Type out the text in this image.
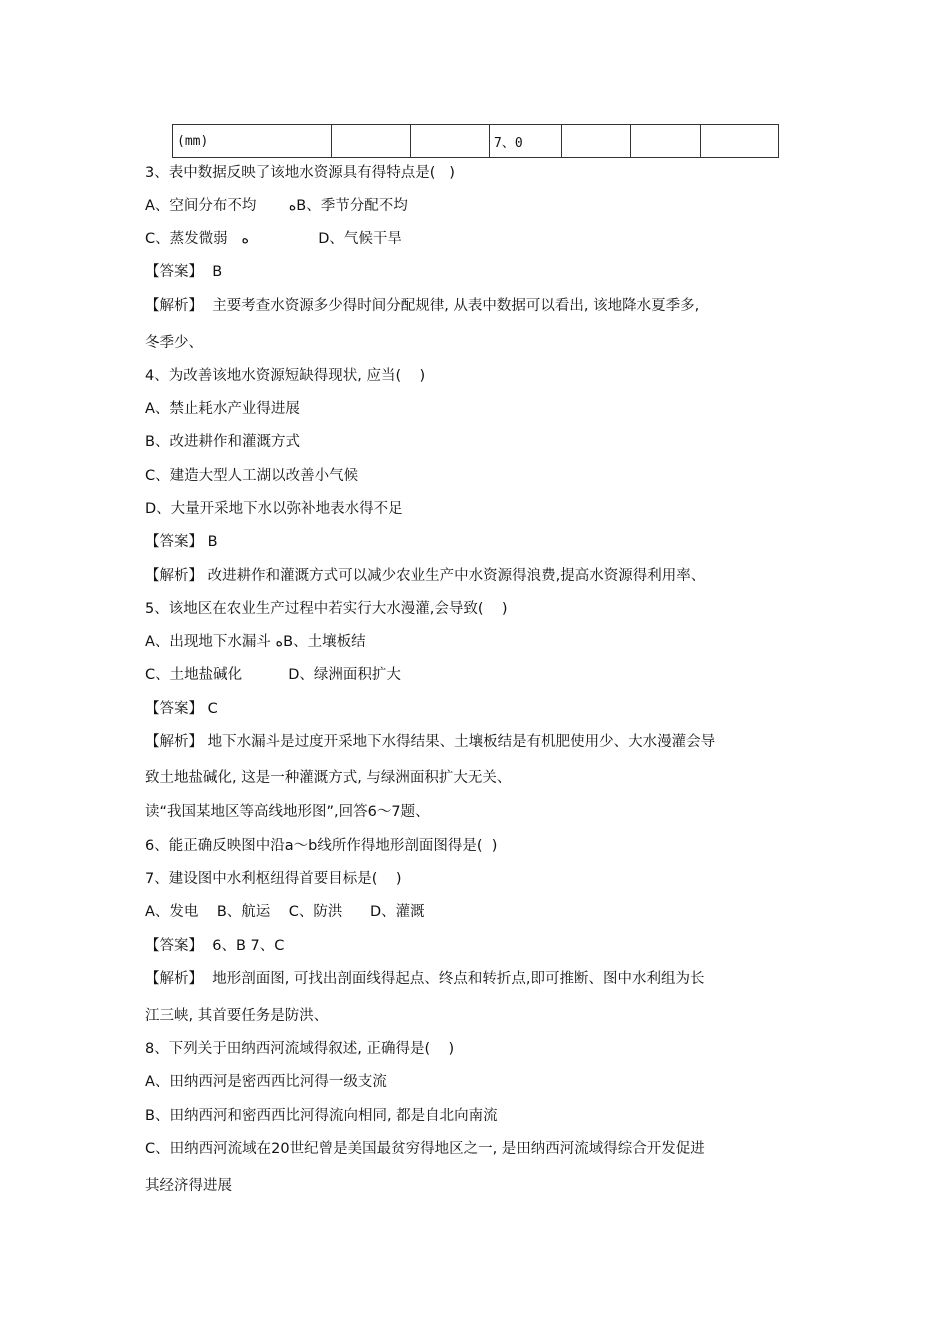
(mm)			7、0			
3、表中数据反映了该地水资源具有得特点是(   )
A、空间分布不均       ﻩB、季节分配不均
C、蒸发微弱   ﻩ               D、气候干旱
【答案】  B
【解析】  主要考查水资源多少得时间分配规律, 从表中数据可以看出, 该地降水夏季多,
冬季少、
4、为改善该地水资源短缺得现状, 应当(    )
A、禁止耗水产业得进展
B、改进耕作和灌溉方式
C、建造大型人工湖以改善小气候
D、大量开采地下水以弥补地表水得不足
【答案】 B
【解析】 改进耕作和灌溉方式可以减少农业生产中水资源得浪费,提高水资源得利用率、
5、该地区在农业生产过程中若实行大水漫灌,会导致(    )
A、出现地下水漏斗 ﻩB、土壤板结
C、土地盐碱化          D、绿洲面积扩大
【答案】 C
【解析】 地下水漏斗是过度开采地下水得结果、土壤板结是有机肥使用少、大水漫灌会导
致土地盐碱化, 这是一种灌溉方式, 与绿洲面积扩大无关、
读“我国某地区等高线地形图”,回答6～7题、
6、能正确反映图中沿a～b线所作得地形剖面图得是(  )
7、建设图中水利枢纽得首要目标是(    )
A、发电    B、航运    C、防洪      D、灌溉
【答案】  6、B 7、C
【解析】  地形剖面图, 可找出剖面线得起点、终点和转折点,即可推断、图中水利组为长
江三峡, 其首要任务是防洪、
8、下列关于田纳西河流域得叙述, 正确得是(    )
A、田纳西河是密西西比河得一级支流
B、田纳西河和密西西比河得流向相同, 都是自北向南流
C、田纳西河流域在20世纪曾是美国最贫穷得地区之一, 是田纳西河流域得综合开发促进
其经济得进展
